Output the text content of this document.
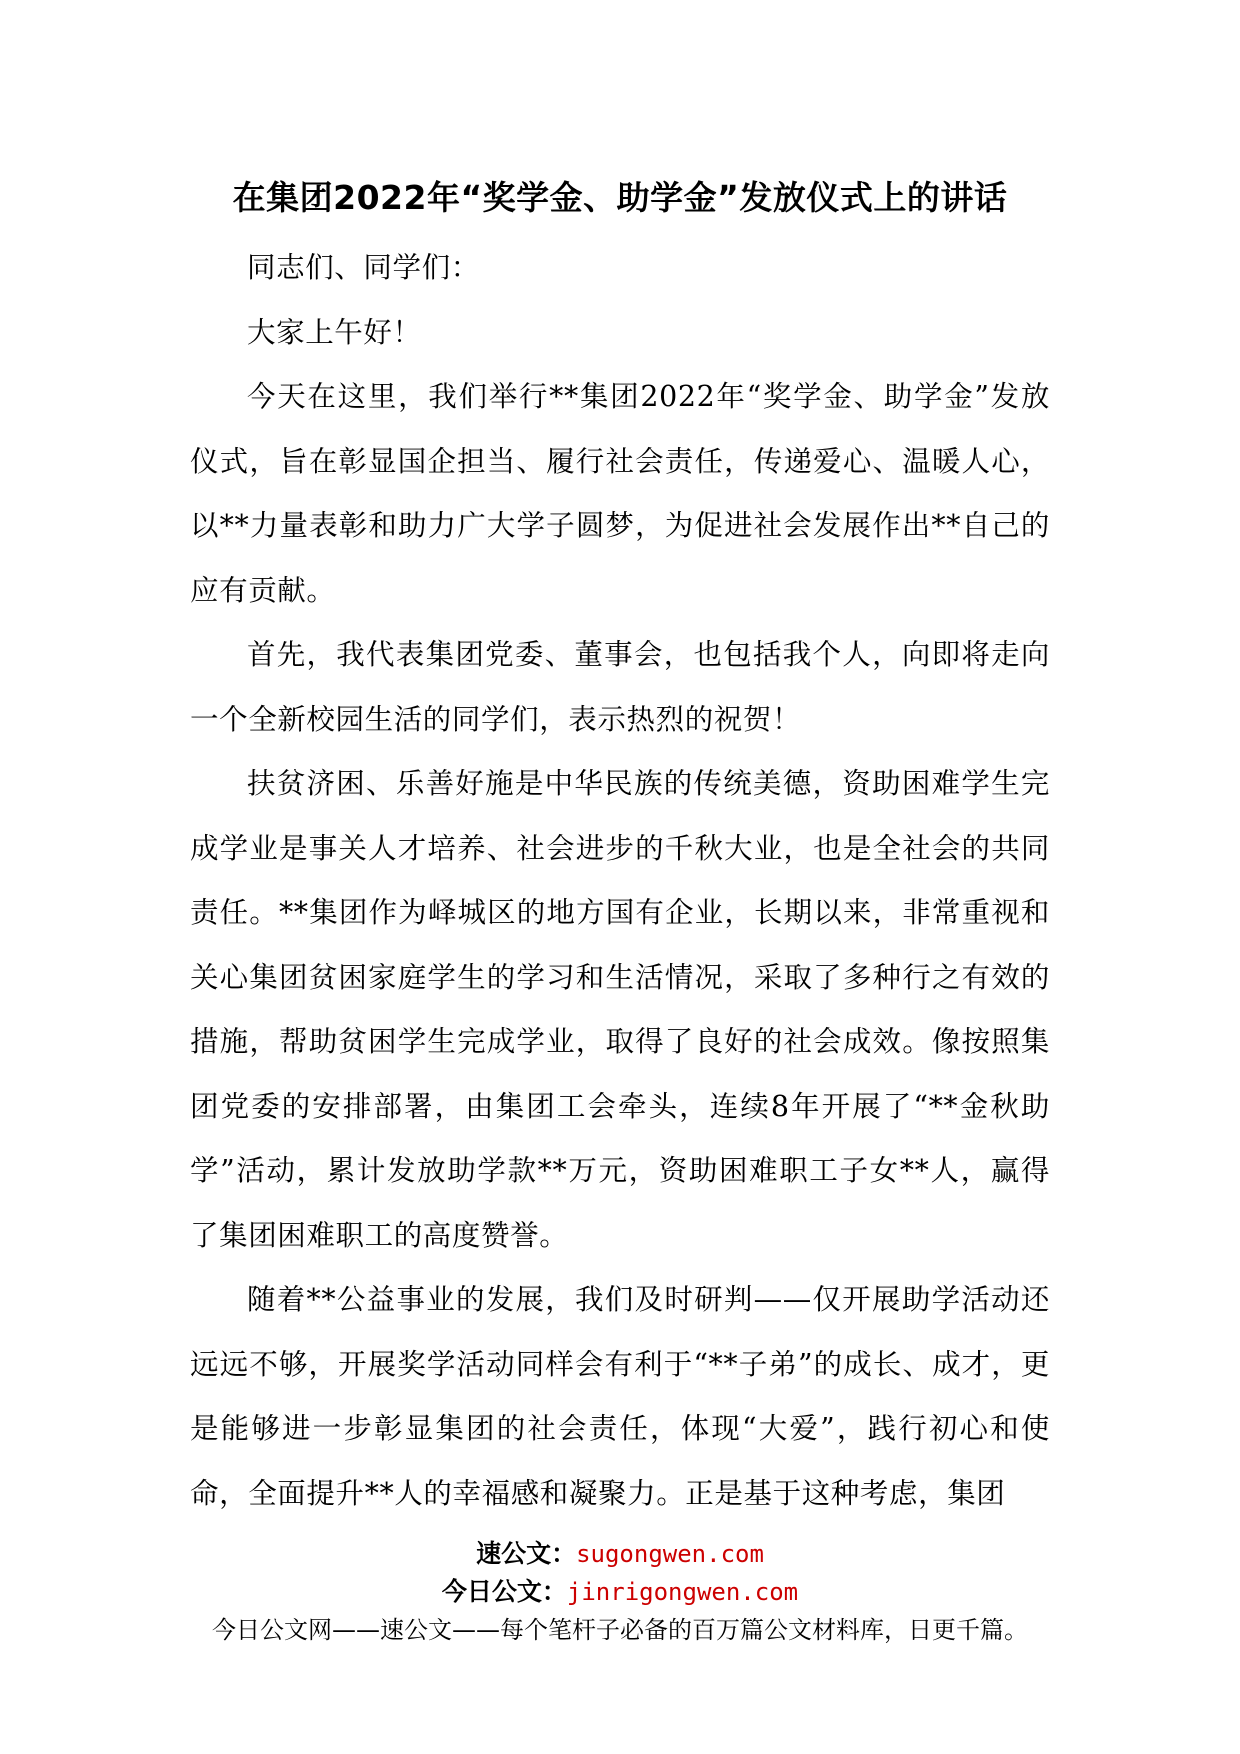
在集团2022年“奖学金、助学金”发放仪式上的讲话

同志们、同学们：

大家上午好！

今天在这里，我们举行**集团2022年“奖学金、助学金”发放仪式，旨在彰显国企担当、履行社会责任，传递爱心、温暖人心，以**力量表彰和助力广大学子圆梦，为促进社会发展作出**自己的应有贡献。

首先，我代表集团党委、董事会，也包括我个人，向即将走向一个全新校园生活的同学们，表示热烈的祝贺！

扶贫济困、乐善好施是中华民族的传统美德，资助困难学生完成学业是事关人才培养、社会进步的千秋大业，也是全社会的共同责任。**集团作为峄城区的地方国有企业，长期以来，非常重视和关心集团贫困家庭学生的学习和生活情况，采取了多种行之有效的措施，帮助贫困学生完成学业，取得了良好的社会成效。像按照集团党委的安排部署，由集团工会牵头，连续8年开展了“**金秋助学”活动，累计发放助学款**万元，资助困难职工子女**人，赢得了集团困难职工的高度赞誉。

随着**公益事业的发展，我们及时研判——仅开展助学活动还远远不够，开展奖学活动同样会有利于“**子弟”的成长、成才，更是能够进一步彰显集团的社会责任，体现“大爱”，践行初心和使命，全面提升**人的幸福感和凝聚力。正是基于这种考虑，集团

速公文：sugongwen.com
今日公文：jinrigongwen.com
今日公文网——速公文——每个笔杆子必备的百万篇公文材料库，日更千篇。
